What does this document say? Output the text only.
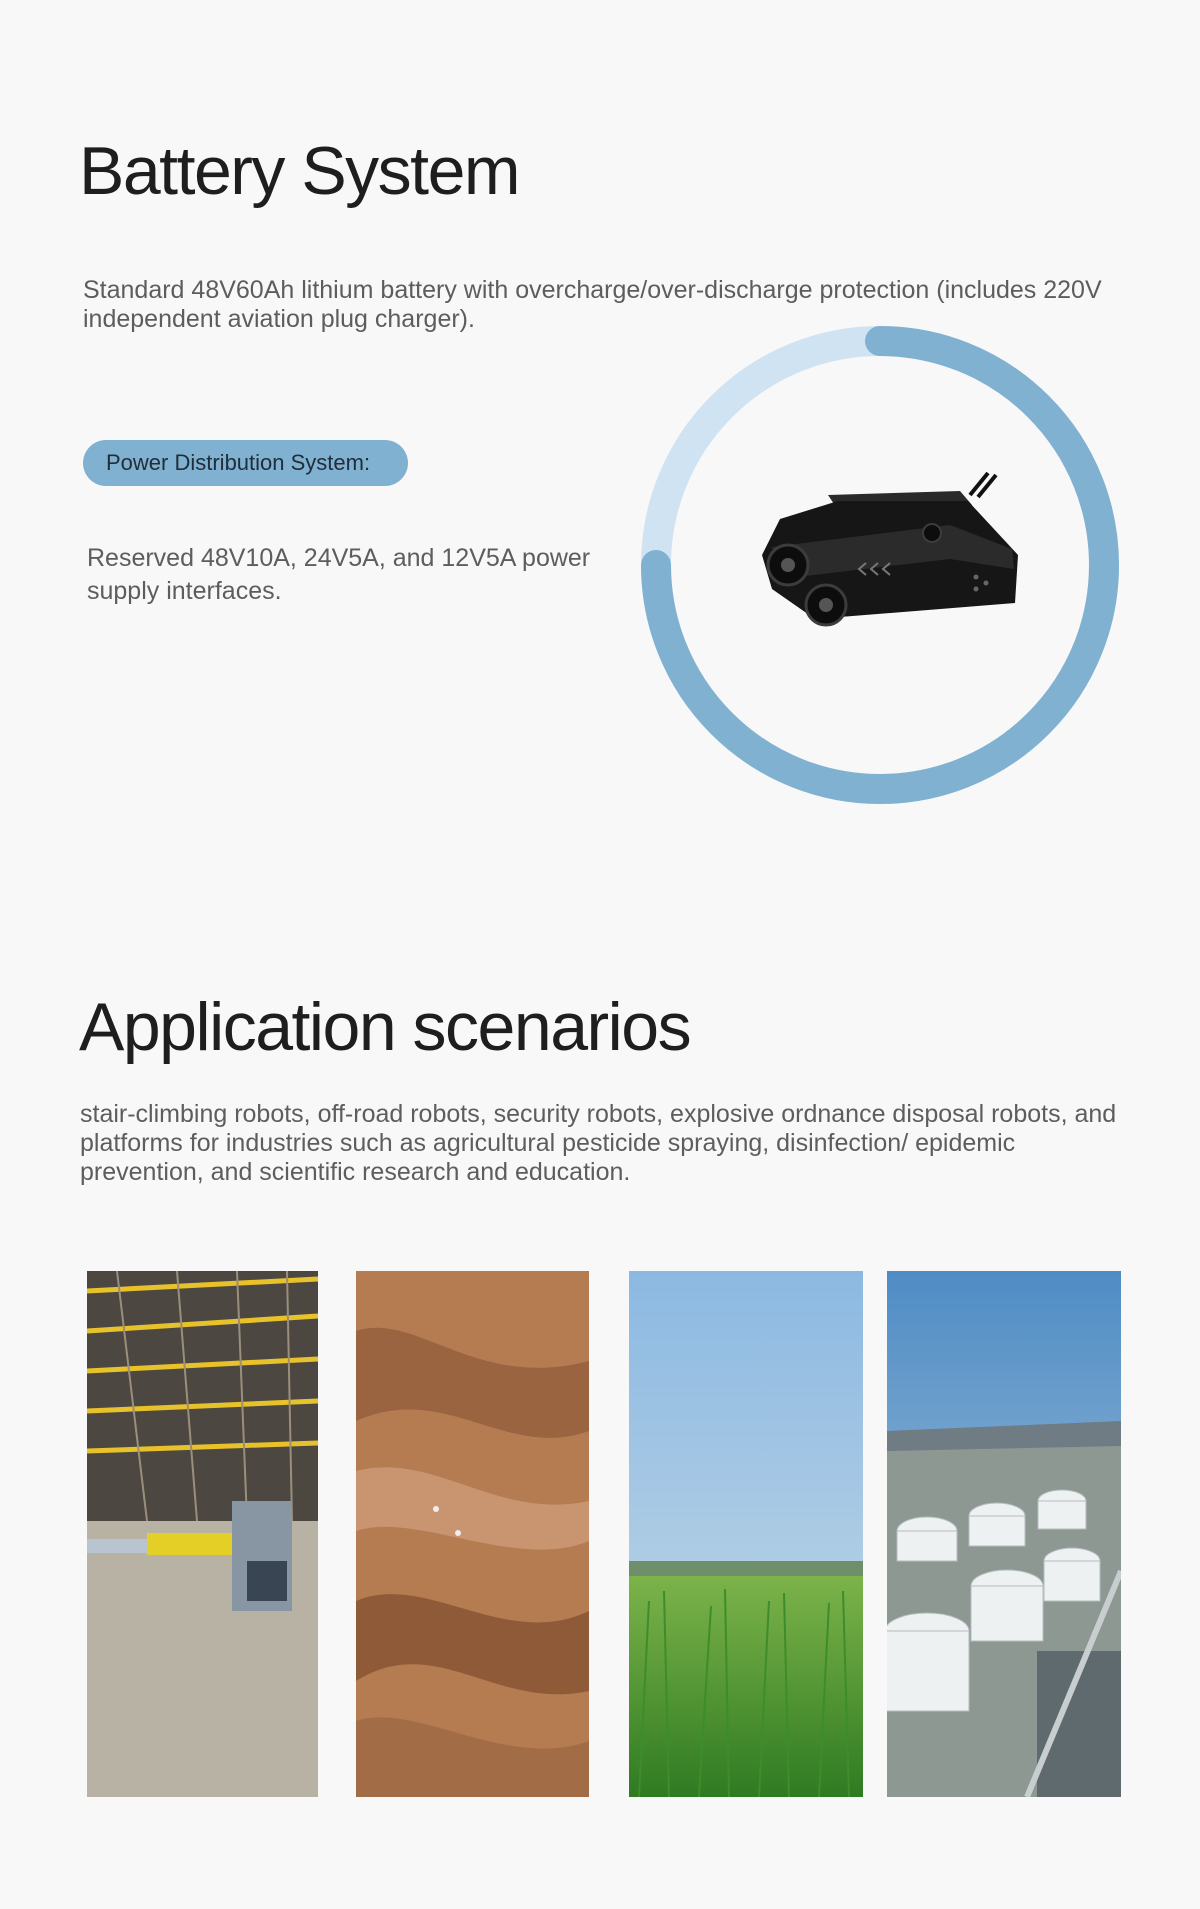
Battery System

Standard 48V60Ah lithium battery with overcharge/over-discharge protection (includes 220V independent aviation plug charger).

Power Distribution System:

Reserved 48V10A, 24V5A, and 12V5A power supply interfaces.

Application scenarios

stair-climbing robots, off-road robots, security robots, explosive ordnance disposal robots, and platforms for industries such as agricultural pesticide spraying, disinfection/ epidemic prevention, and scientific research and education.
